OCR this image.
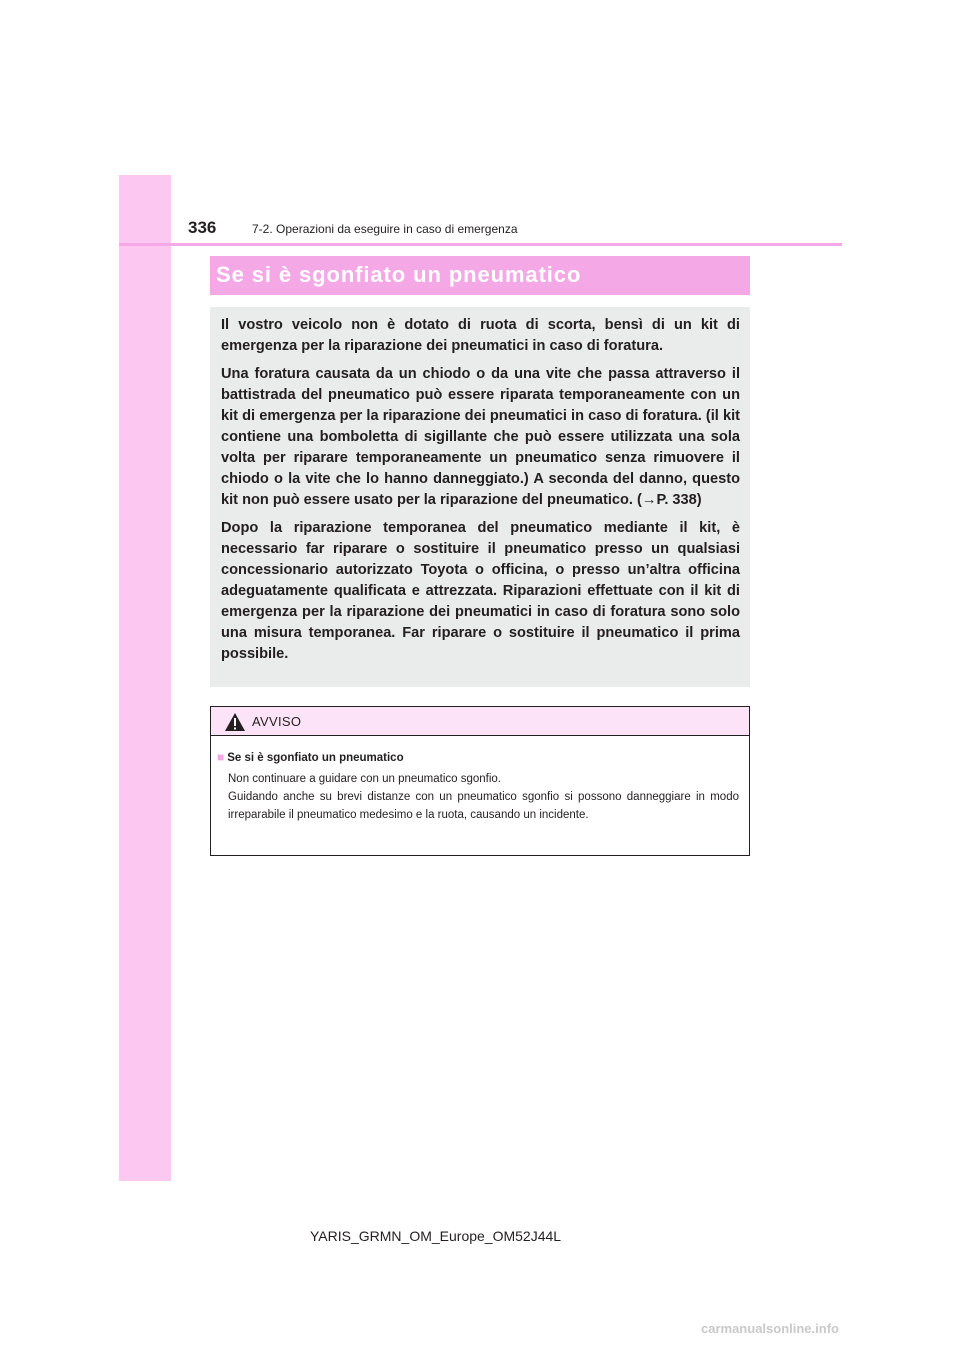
336	7-2. Operazioni da eseguire in caso di emergenza
Se si è sgonfiato un pneumatico

Il vostro veicolo non è dotato di ruota di scorta, bensì di un kit di emergenza per la riparazione dei pneumatici in caso di foratura.

Una foratura causata da un chiodo o da una vite che passa attraverso il battistrada del pneumatico può essere riparata temporaneamente con un kit di emergenza per la riparazione dei pneumatici in caso di foratura. (il kit contiene una bomboletta di sigillante che può essere utilizzata una sola volta per riparare temporaneamente un pneumatico senza rimuovere il chiodo o la vite che lo hanno danneggiato.) A seconda del danno, questo kit non può essere usato per la riparazione del pneumatico. (→P. 338)

Dopo la riparazione temporanea del pneumatico mediante il kit, è necessario far riparare o sostituire il pneumatico presso un qualsiasi concessionario autorizzato Toyota o officina, o presso un’altra officina adeguatamente qualificata e attrezzata. Riparazioni effettuate con il kit di emergenza per la riparazione dei pneumatici in caso di foratura sono solo una misura temporanea. Far riparare o sostituire il pneumatico il prima possibile.

AVVISO
■ Se si è sgonfiato un pneumatico
Non continuare a guidare con un pneumatico sgonfio.
Guidando anche su brevi distanze con un pneumatico sgonfio si possono danneggiare in modo irreparabile il pneumatico medesimo e la ruota, causando un incidente.
YARIS_GRMN_OM_Europe_OM52J44L
carmanualsonline.info
